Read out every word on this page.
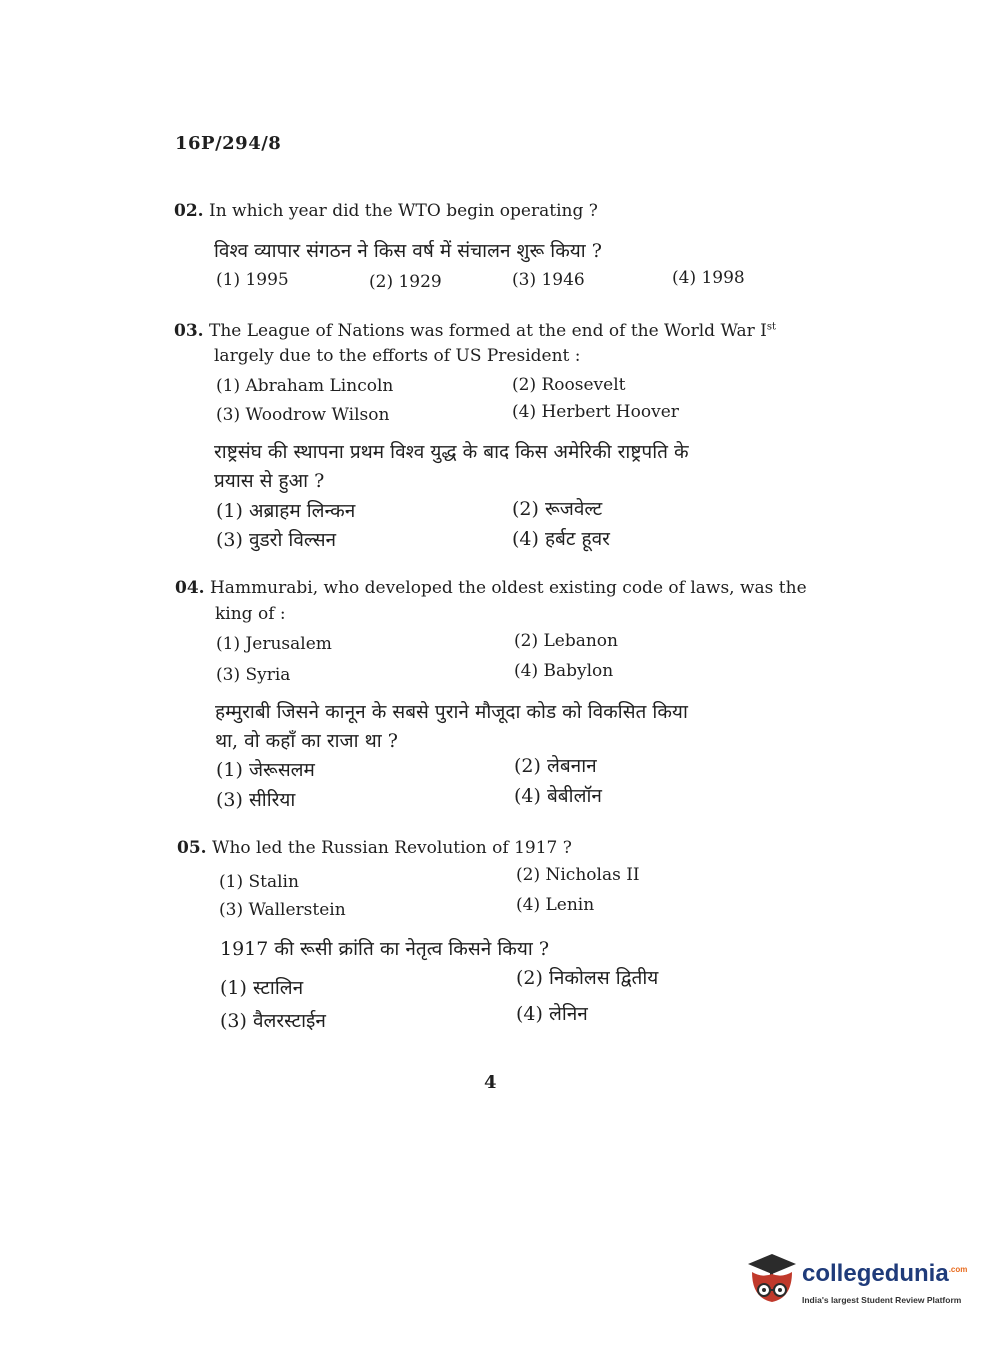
16P/294/8
02. In which year did the WTO begin operating ?
विश्व व्यापार संगठन ने किस वर्ष में संचालन शुरू किया ?
(1) 1995	(2) 1929	(3) 1946	(4) 1998
03. The League of Nations was formed at the end of the World War Ist
largely due to the efforts of US President :
(1) Abraham Lincoln	(2) Roosevelt
(3) Woodrow Wilson	(4) Herbert Hoover
राष्ट्रसंघ की स्थापना प्रथम विश्व युद्ध के बाद किस अमेरिकी राष्ट्रपति के
प्रयास से हुआ ?
(1) अब्राहम लिन्कन	(2) रूजवेल्ट
(3) वुडरो विल्सन	(4) हर्बट हूवर
04. Hammurabi, who developed the oldest existing code of laws, was the
king of :
(1) Jerusalem	(2) Lebanon
(3) Syria	(4) Babylon
हम्मुराबी जिसने कानून के सबसे पुराने मौजूदा कोड को विकसित किया
था, वो कहाँ का राजा था ?
(1) जेरूसलम	(2) लेबनान
(3) सीरिया	(4) बेबीलॉन
05. Who led the Russian Revolution of 1917 ?
(1) Stalin	(2) Nicholas II
(3) Wallerstein	(4) Lenin
1917 की रूसी क्रांति का नेतृत्व किसने किया ?
(1) स्टालिन	(2) निकोलस द्वितीय
(3) वैलरस्टाईन	(4) लेनिन
4
collegedunia$^{.com}$
India's largest Student Review Platform
